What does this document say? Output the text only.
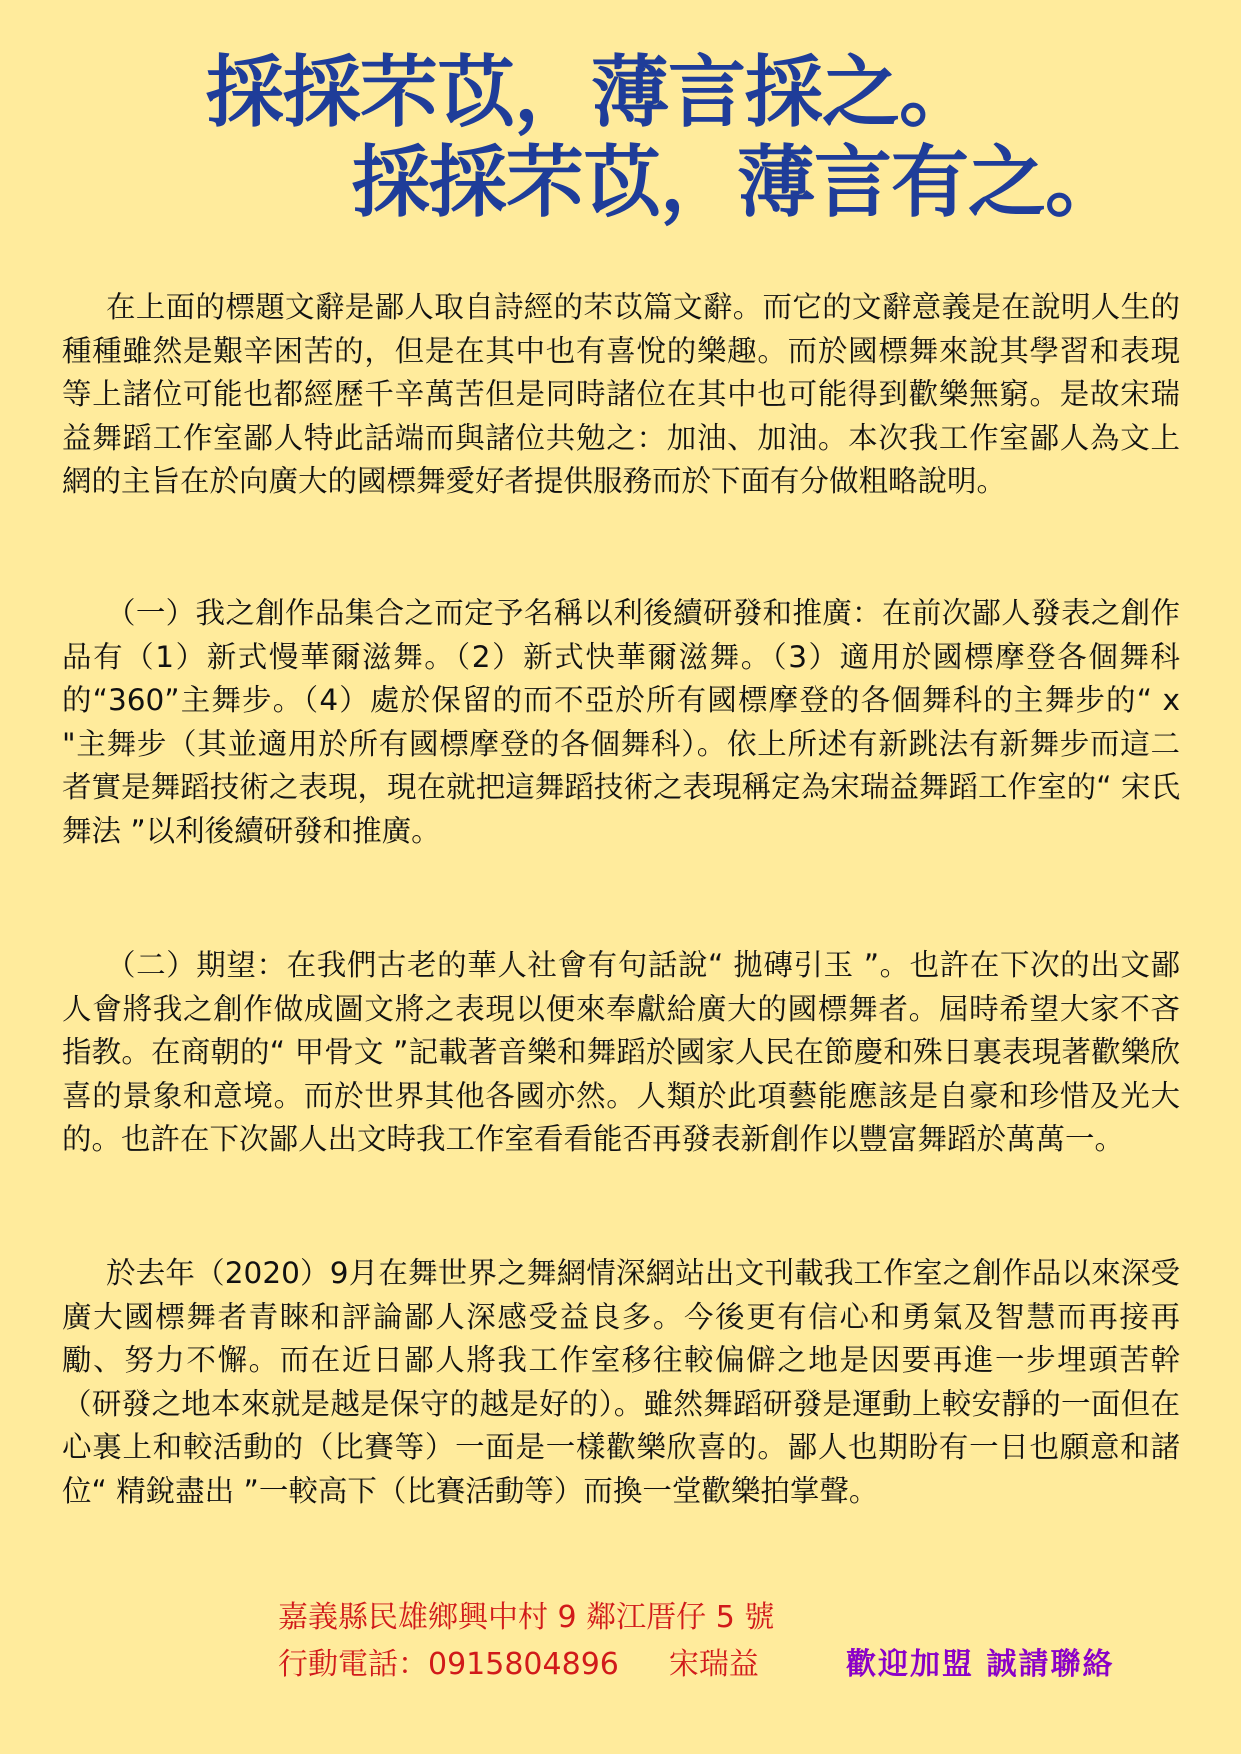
採採芣苡，薄言採之。
採採芣苡，薄言有之。

在上面的標題文辭是鄙人取自詩經的芣苡篇文辭。而它的文辭意義是在說明人生的種種雖然是艱辛困苦的，但是在其中也有喜悅的樂趣。而於國標舞來說其學習和表現等上諸位可能也都經歷千辛萬苦但是同時諸位在其中也可能得到歡樂無窮。是故宋瑞益舞蹈工作室鄙人特此話端而與諸位共勉之：加油、加油。本次我工作室鄙人為文上網的主旨在於向廣大的國標舞愛好者提供服務而於下面有分做粗略說明。

（一）我之創作品集合之而定予名稱以利後續研發和推廣：在前次鄙人發表之創作品有（1）新式慢華爾滋舞。（2）新式快華爾滋舞。（3）適用於國標摩登各個舞科的“360”主舞步。（4）處於保留的而不亞於所有國標摩登的各個舞科的主舞步的“ x "主舞步（其並適用於所有國標摩登的各個舞科）。依上所述有新跳法有新舞步而這二者實是舞蹈技術之表現，現在就把這舞蹈技術之表現稱定為宋瑞益舞蹈工作室的“ 宋氏舞法 ”以利後續研發和推廣。

（二）期望：在我們古老的華人社會有句話說“ 拋磚引玉 ”。也許在下次的出文鄙人會將我之創作做成圖文將之表現以便來奉獻給廣大的國標舞者。屆時希望大家不吝指教。在商朝的“ 甲骨文 ”記載著音樂和舞蹈於國家人民在節慶和殊日裏表現著歡樂欣喜的景象和意境。而於世界其他各國亦然。人類於此項藝能應該是自豪和珍惜及光大的。也許在下次鄙人出文時我工作室看看能否再發表新創作以豐富舞蹈於萬萬一。

於去年（2020）9月在舞世界之舞網情深網站出文刊載我工作室之創作品以來深受廣大國標舞者青睞和評論鄙人深感受益良多。今後更有信心和勇氣及智慧而再接再勵、努力不懈。而在近日鄙人將我工作室移往較偏僻之地是因要再進一步埋頭苦幹（研發之地本來就是越是保守的越是好的）。雖然舞蹈研發是運動上較安靜的一面但在心裏上和較活動的（比賽等）一面是一樣歡樂欣喜的。鄙人也期盼有一日也願意和諸位“ 精銳盡出 ”一較高下（比賽活動等）而換一堂歡樂拍掌聲。

嘉義縣民雄鄉興中村 9 鄰江厝仔 5 號
行動電話：0915804896 宋瑞益	歡迎加盟 誠請聯絡
